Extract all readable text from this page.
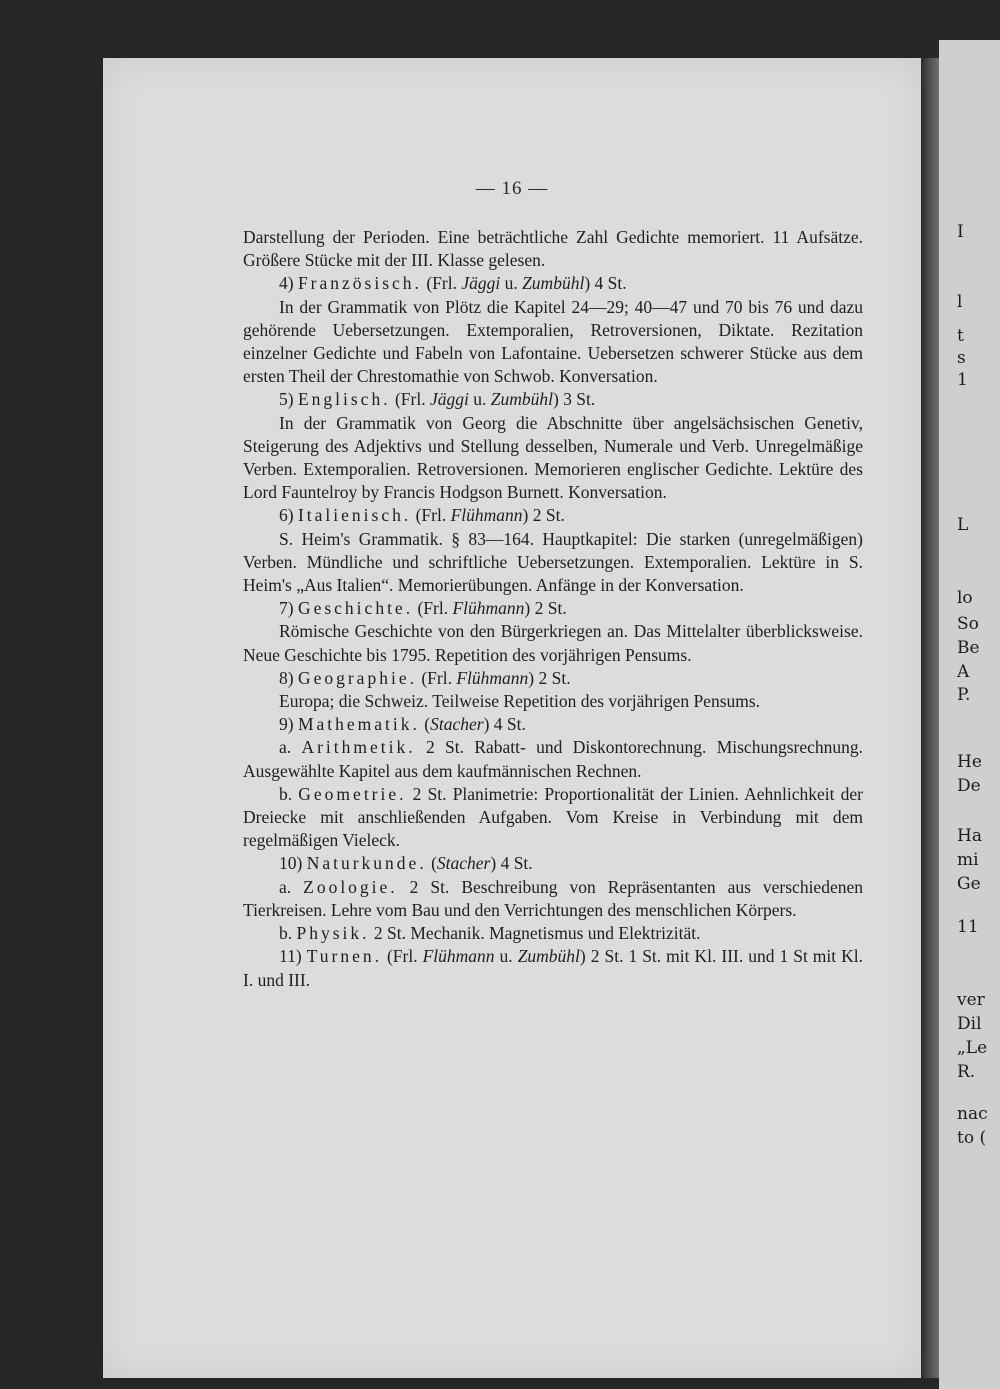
I
l
t
s
1
L
lo
So
Be
A
P.
He
De
Ha
mi
Ge
11
ver
Dil
„Le
R.
nac
to (
— 16 —

Darstellung der Perioden. Eine beträchtliche Zahl Gedichte memoriert. 11 Aufsätze. Größere Stücke mit der III. Klasse gelesen.

4) Französisch. (Frl. Jäggi u. Zumbühl) 4 St.

In der Grammatik von Plötz die Kapitel 24—29; 40—47 und 70 bis 76 und dazu gehörende Uebersetzungen. Extemporalien, Retroversionen, Diktate. Rezitation einzelner Gedichte und Fabeln von Lafontaine. Uebersetzen schwerer Stücke aus dem ersten Theil der Chrestomathie von Schwob. Konversation.

5) Englisch. (Frl. Jäggi u. Zumbühl) 3 St.

In der Grammatik von Georg die Abschnitte über angelsächsischen Genetiv, Steigerung des Adjektivs und Stellung desselben, Numerale und Verb. Unregelmäßige Verben. Extemporalien. Retroversionen. Memorieren englischer Gedichte. Lektüre des Lord Fauntelroy by Francis Hodgson Burnett. Konversation.

6) Italienisch. (Frl. Flühmann) 2 St.

S. Heim's Grammatik. § 83—164. Hauptkapitel: Die starken (unregelmäßigen) Verben. Mündliche und schriftliche Uebersetzungen. Extemporalien. Lektüre in S. Heim's „Aus Italien“. Memorierübungen. Anfänge in der Konversation.

7) Geschichte. (Frl. Flühmann) 2 St.

Römische Geschichte von den Bürgerkriegen an. Das Mittelalter überblicksweise. Neue Geschichte bis 1795. Repetition des vorjährigen Pensums.

8) Geographie. (Frl. Flühmann) 2 St.

Europa; die Schweiz. Teilweise Repetition des vorjährigen Pensums.

9) Mathematik. (Stacher) 4 St.

a. Arithmetik. 2 St. Rabatt- und Diskontorechnung. Mischungsrechnung. Ausgewählte Kapitel aus dem kaufmännischen Rechnen.

b. Geometrie. 2 St. Planimetrie: Proportionalität der Linien. Aehnlichkeit der Dreiecke mit anschließenden Aufgaben. Vom Kreise in Verbindung mit dem regelmäßigen Vieleck.

10) Naturkunde. (Stacher) 4 St.

a. Zoologie. 2 St. Beschreibung von Repräsentanten aus verschiedenen Tierkreisen. Lehre vom Bau und den Verrichtungen des menschlichen Körpers.

b. Physik. 2 St. Mechanik. Magnetismus und Elektrizität.

11) Turnen. (Frl. Flühmann u. Zumbühl) 2 St. 1 St. mit Kl. III. und 1 St mit Kl. I. und III.
